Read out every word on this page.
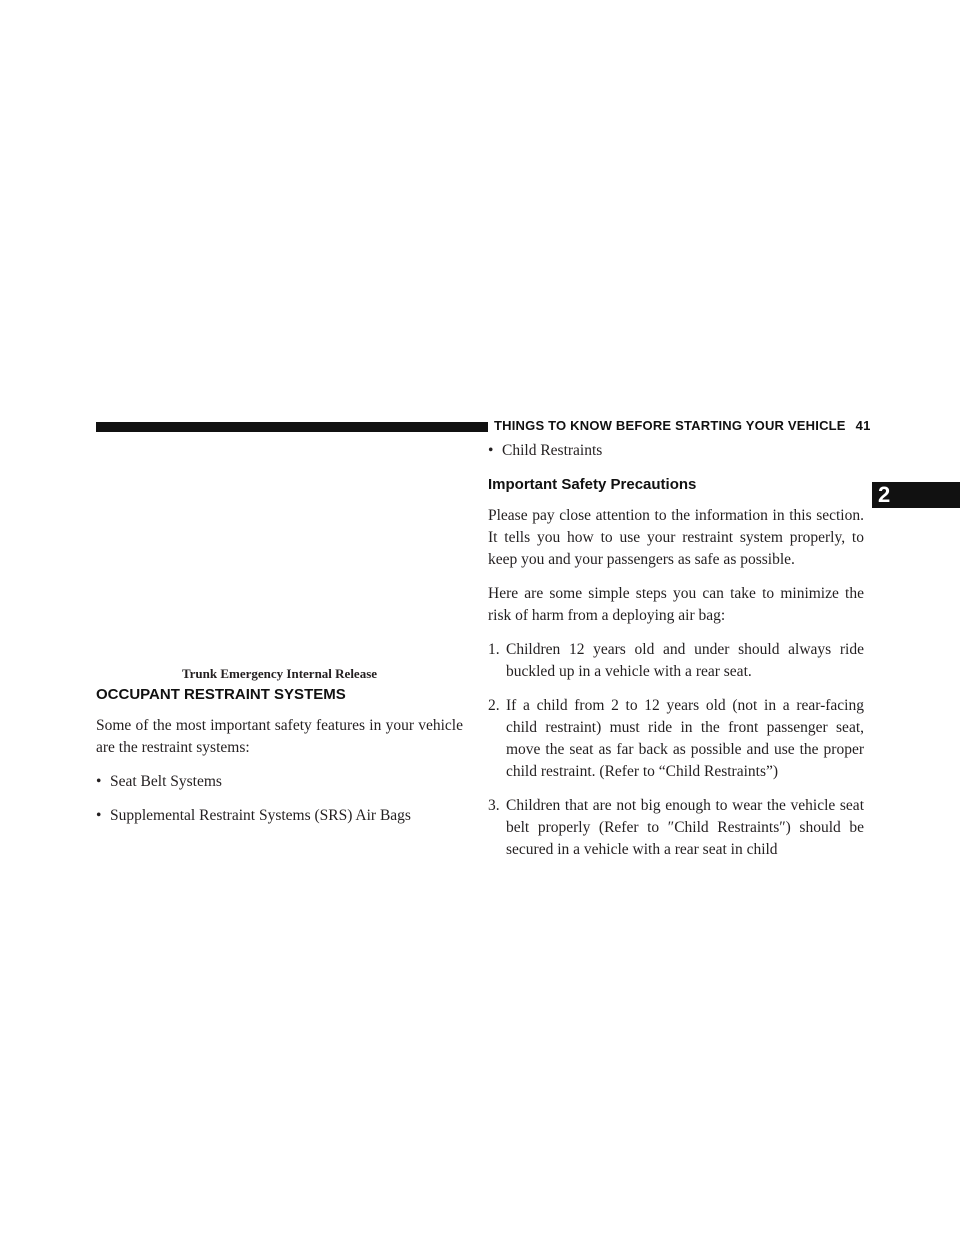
THINGS TO KNOW BEFORE STARTING YOUR VEHICLE 41
2
Trunk Emergency Internal Release
OCCUPANT RESTRAINT SYSTEMS

Some of the most important safety features in your vehicle are the restraint systems:

• Seat Belt Systems
• Supplemental Restraint Systems (SRS) Air Bags
• Child Restraints
Important Safety Precautions

Please pay close attention to the information in this section. It tells you how to use your restraint system properly, to keep you and your passengers as safe as possible.

Here are some simple steps you can take to minimize the risk of harm from a deploying air bag:

1. Children 12 years old and under should always ride buckled up in a vehicle with a rear seat.
2. If a child from 2 to 12 years old (not in a rear-facing child restraint) must ride in the front passenger seat, move the seat as far back as possible and use the proper child restraint. (Refer to “Child Restraints”)
3. Children that are not big enough to wear the vehicle seat belt properly (Refer to ″Child Restraints″) should be secured in a vehicle with a rear seat in child
